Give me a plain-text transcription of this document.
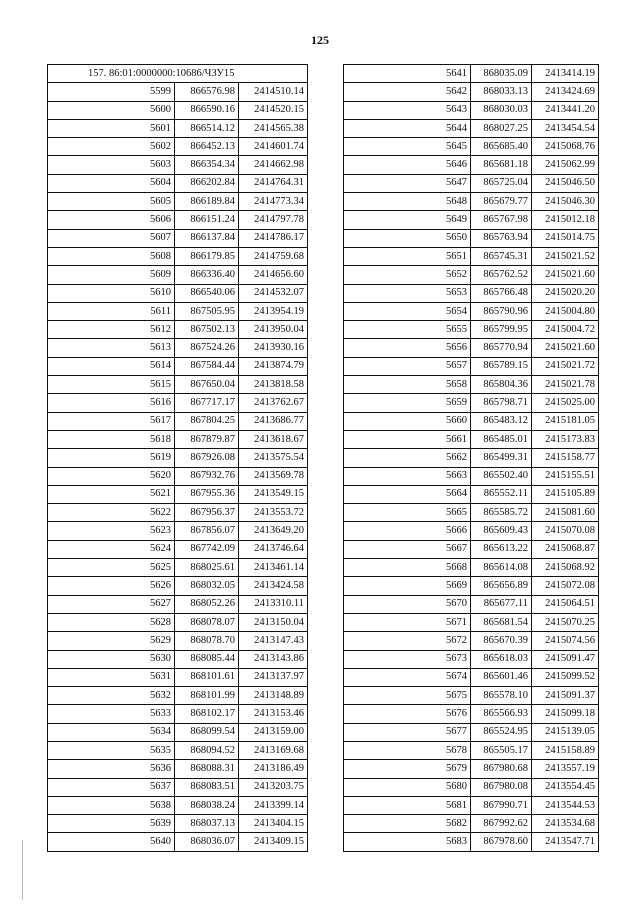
125
157. 86:01:0000000:10686/ЧЗУ15		
5599	866576.98	2414510.14
5600	866590.16	2414520.15
5601	866514.12	2414565.38
5602	866452.13	2414601.74
5603	866354.34	2414662.98
5604	866202.84	2414764.31
5605	866189.84	2414773.34
5606	866151.24	2414797.78
5607	866137.84	2414786.17
5608	866179.85	2414759.68
5609	866336.40	2414656.60
5610	866540.06	2414532.07
5611	867505.95	2413954.19
5612	867502.13	2413950.04
5613	867524.26	2413930.16
5614	867584.44	2413874.79
5615	867650.04	2413818.58
5616	867717.17	2413762.67
5617	867804.25	2413686.77
5618	867879.87	2413618.67
5619	867926.08	2413575.54
5620	867932.76	2413569.78
5621	867955.36	2413549.15
5622	867956.37	2413553.72
5623	867856.07	2413649.20
5624	867742.09	2413746.64
5625	868025.61	2413461.14
5626	868032.05	2413424.58
5627	868052.26	2413310.11
5628	868078.07	2413150.04
5629	868078.70	2413147.43
5630	868085.44	2413143.86
5631	868101.61	2413137.97
5632	868101.99	2413148.89
5633	868102.17	2413153.46
5634	868099.54	2413159.00
5635	868094.52	2413169.68
5636	868088.31	2413186.49
5637	868083.51	2413203.75
5638	868038.24	2413399.14
5639	868037.13	2413404.15
5640	868036.07	2413409.15
5641	868035.09	2413414.19
5642	868033.13	2413424.69
5643	868030.03	2413441.20
5644	868027.25	2413454.54
5645	865685.40	2415068.76
5646	865681.18	2415062.99
5647	865725.04	2415046.50
5648	865679.77	2415046.30
5649	865767.98	2415012.18
5650	865763.94	2415014.75
5651	865745.31	2415021.52
5652	865762.52	2415021.60
5653	865766.48	2415020.20
5654	865790.96	2415004.80
5655	865799.95	2415004.72
5656	865770.94	2415021.60
5657	865789.15	2415021.72
5658	865804.36	2415021.78
5659	865798.71	2415025.00
5660	865483.12	2415181.05
5661	865485.01	2415173.83
5662	865499.31	2415158.77
5663	865502.40	2415155.51
5664	865552.11	2415105.89
5665	865585.72	2415081.60
5666	865609.43	2415070.08
5667	865613.22	2415068.87
5668	865614.08	2415068.92
5669	865656.89	2415072.08
5670	865677.11	2415064.51
5671	865681.54	2415070.25
5672	865670.39	2415074.56
5673	865618.03	2415091.47
5674	865601.46	2415099.52
5675	865578.10	2415091.37
5676	865566.93	2415099.18
5677	865524.95	2415139.05
5678	865505.17	2415158.89
5679	867980.68	2413557.19
5680	867980.08	2413554.45
5681	867990.71	2413544.53
5682	867992.62	2413534.68
5683	867978.60	2413547.71
